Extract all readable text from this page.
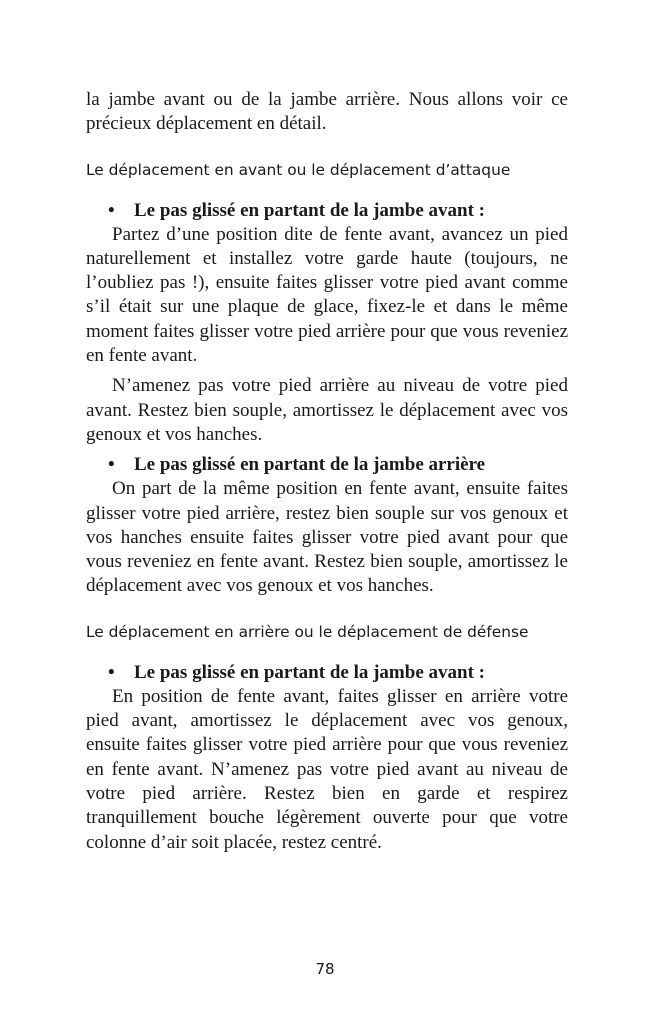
la jambe avant ou de la jambe arrière. Nous allons voir ce précieux déplacement en détail.

Le déplacement en avant ou le déplacement d’attaque

•	Le pas glissé en partant de la jambe avant :

Partez d’une position dite de fente avant, avancez un pied naturellement et installez votre garde haute (toujours, ne l’oubliez pas !), ensuite faites glisser votre pied avant comme s’il était sur une plaque de glace, fixez-le et dans le même moment faites glisser votre pied arrière pour que vous reveniez en fente avant.

N’amenez pas votre pied arrière au niveau de votre pied avant. Restez bien souple, amortissez le déplacement avec vos genoux et vos hanches.

•	Le pas glissé en partant de la jambe arrière

On part de la même position en fente avant, ensuite faites glisser votre pied arrière, restez bien souple sur vos genoux et vos hanches ensuite faites glisser votre pied avant pour que vous reveniez en fente avant. Restez bien souple, amortissez le déplacement avec vos genoux et vos hanches.

Le déplacement en arrière ou le déplacement de défense

•	Le pas glissé en partant de la jambe avant :

En position de fente avant, faites glisser en arrière votre pied avant, amortissez le déplacement avec vos genoux, ensuite faites glisser votre pied arrière pour que vous reveniez en fente avant. N’amenez pas votre pied avant au niveau de votre pied arrière. Restez bien en garde et respirez tranquillement bouche légèrement ouverte pour que votre colonne d’air soit placée, restez centré.

78
